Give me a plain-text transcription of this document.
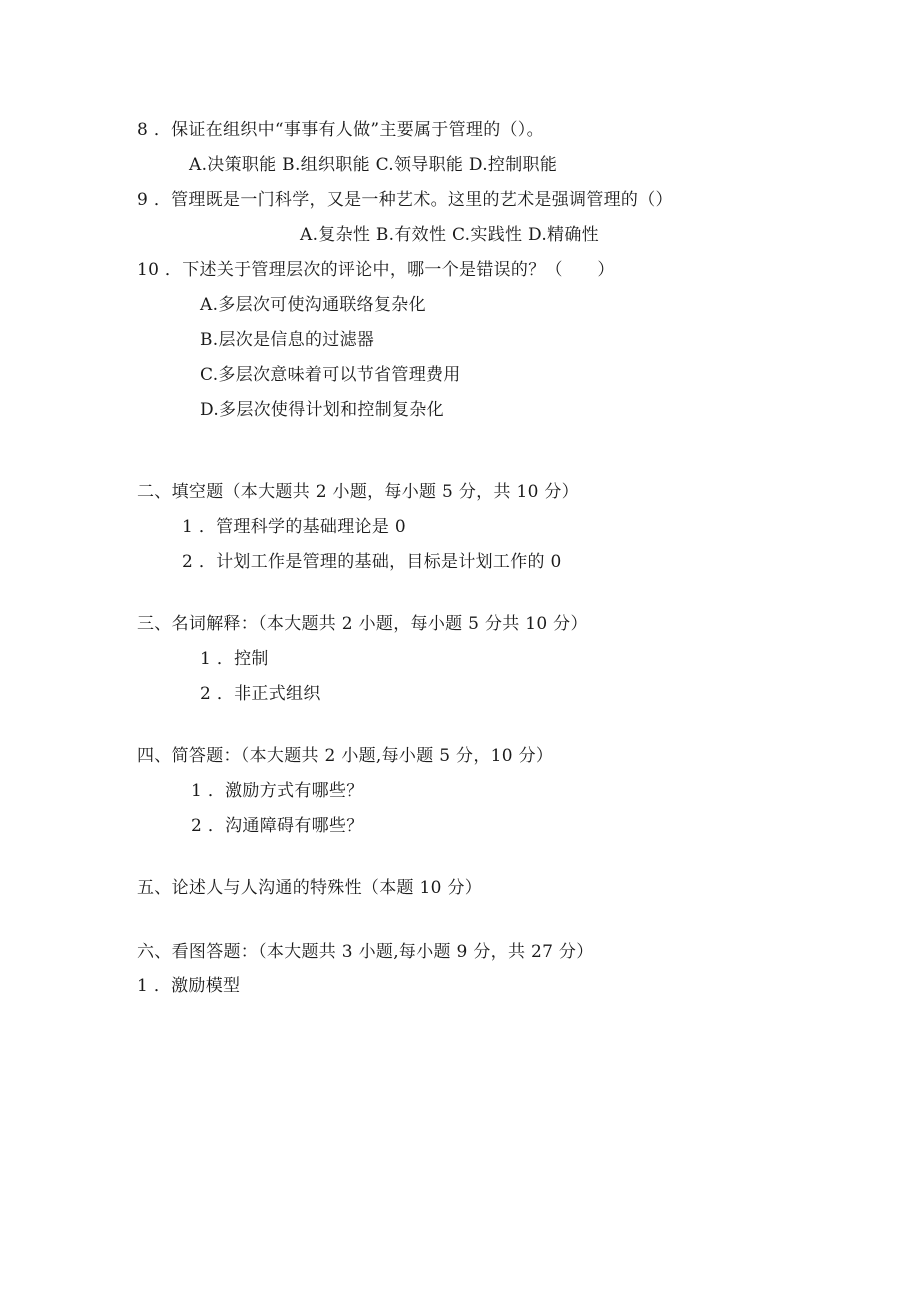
8 ．保证在组织中“事事有人做”主要属于管理的（）。
A.决策职能 B.组织职能 C.领导职能 D.控制职能
9 ．管理既是一门科学，又是一种艺术。这里的艺术是强调管理的（）
A.复杂性 B.有效性 C.实践性 D.精确性
10 ．下述关于管理层次的评论中，哪一个是错误的？（　　）
A.多层次可使沟通联络复杂化
B.层次是信息的过滤器
C.多层次意味着可以节省管理费用
D.多层次使得计划和控制复杂化
二、填空题（本大题共 2 小题，每小题 5 分，共 10 分）
1 ．管理科学的基础理论是 0
2 ．计划工作是管理的基础，目标是计划工作的 0
三、名词解释：（本大题共 2 小题，每小题 5 分共 10 分）
1 ．控制
2 ．非正式组织
四、简答题：（本大题共 2 小题,每小题 5 分，10 分）
1 ．激励方式有哪些？
2 ．沟通障碍有哪些？
五、论述人与人沟通的特殊性（本题 10 分）
六、看图答题：（本大题共 3 小题,每小题 9 分，共 27 分）
1 ．激励模型
